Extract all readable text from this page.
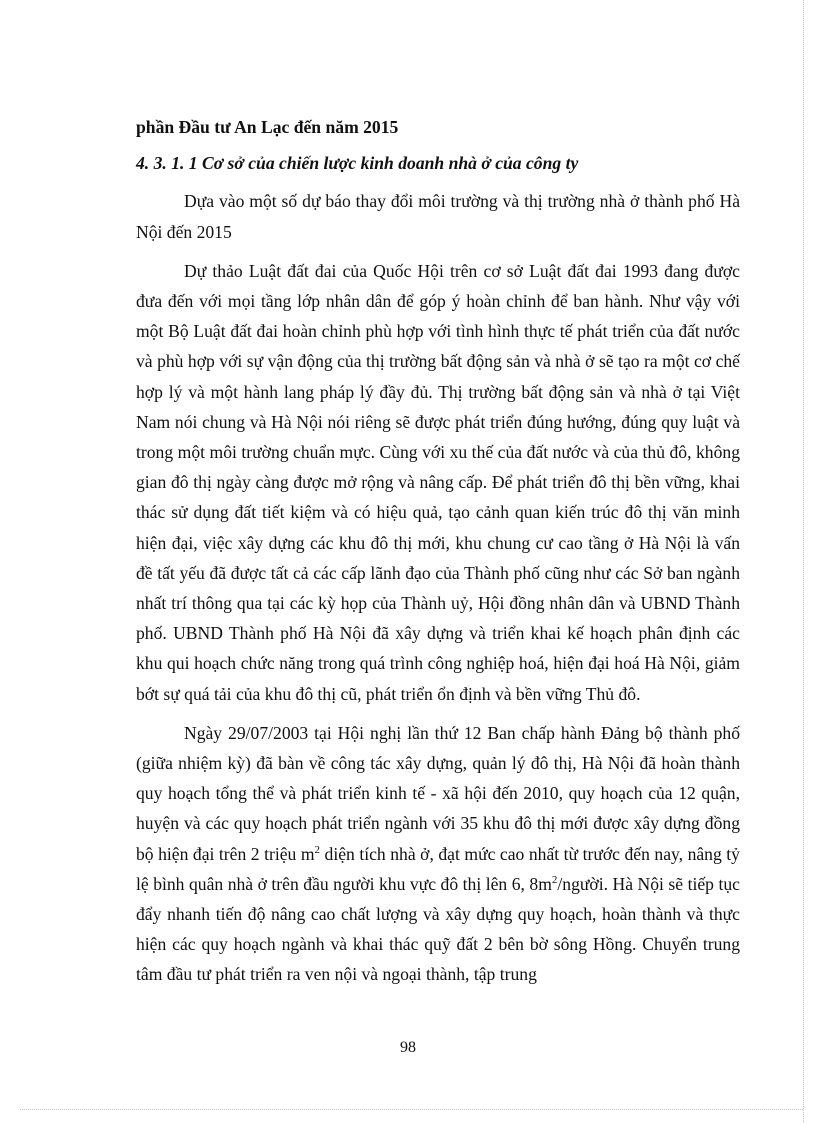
phần Đầu tư An Lạc đến năm 2015

4. 3. 1. 1 Cơ sở của chiến lược kinh doanh nhà ở của công ty

Dựa vào một số dự báo thay đổi môi trường và thị trường nhà ở thành phố Hà Nội đến 2015

Dự thảo Luật đất đai của Quốc Hội trên cơ sở Luật đất đai 1993 đang được đưa đến với mọi tầng lớp nhân dân để góp ý hoàn chỉnh để ban hành. Như vậy với một Bộ Luật đất đai hoàn chỉnh phù hợp với tình hình thực tế phát triển của đất nước và phù hợp với sự vận động của thị trường bất động sản và nhà ở sẽ tạo ra một cơ chế hợp lý và một hành lang pháp lý đầy đủ. Thị trường bất động sản và nhà ở tại Việt Nam nói chung và Hà Nội nói riêng sẽ được phát triển đúng hướng, đúng quy luật và trong một môi trường chuẩn mực. Cùng với xu thế của đất nước và của thủ đô, không gian đô thị ngày càng được mở rộng và nâng cấp. Để phát triển đô thị bền vững, khai thác sử dụng đất tiết kiệm và có hiệu quả, tạo cảnh quan kiến trúc đô thị văn minh hiện đại, việc xây dựng các khu đô thị mới, khu chung cư cao tầng ở Hà Nội là vấn đề tất yếu đã được tất cả các cấp lãnh đạo của Thành phố cũng như các Sở ban ngành nhất trí thông qua tại các kỳ họp của Thành uỷ, Hội đồng nhân dân và UBND Thành phố. UBND Thành phố Hà Nội đã xây dựng và triển khai kế hoạch phân định các khu qui hoạch chức năng trong quá trình công nghiệp hoá, hiện đại hoá Hà Nội, giảm bớt sự quá tải của khu đô thị cũ, phát triển ổn định và bền vững Thủ đô.

Ngày 29/07/2003 tại Hội nghị lần thứ 12 Ban chấp hành Đảng bộ thành phố (giữa nhiệm kỳ) đã bàn về công tác xây dựng, quản lý đô thị, Hà Nội đã hoàn thành quy hoạch tổng thể và phát triển kinh tế - xã hội đến 2010, quy hoạch của 12 quận, huyện và các quy hoạch phát triển ngành với 35 khu đô thị mới được xây dựng đồng bộ hiện đại trên 2 triệu $m^2$ diện tích nhà ở, đạt mức cao nhất từ trước đến nay, nâng tỷ lệ bình quân nhà ở trên đầu người khu vực đô thị lên 6, $8m^2$/người. Hà Nội sẽ tiếp tục đẩy nhanh tiến độ nâng cao chất lượng và xây dựng quy hoạch, hoàn thành và thực hiện các quy hoạch ngành và khai thác quỹ đất 2 bên bờ sông Hồng. Chuyển trung tâm đầu tư phát triển ra ven nội và ngoại thành, tập trung

98
